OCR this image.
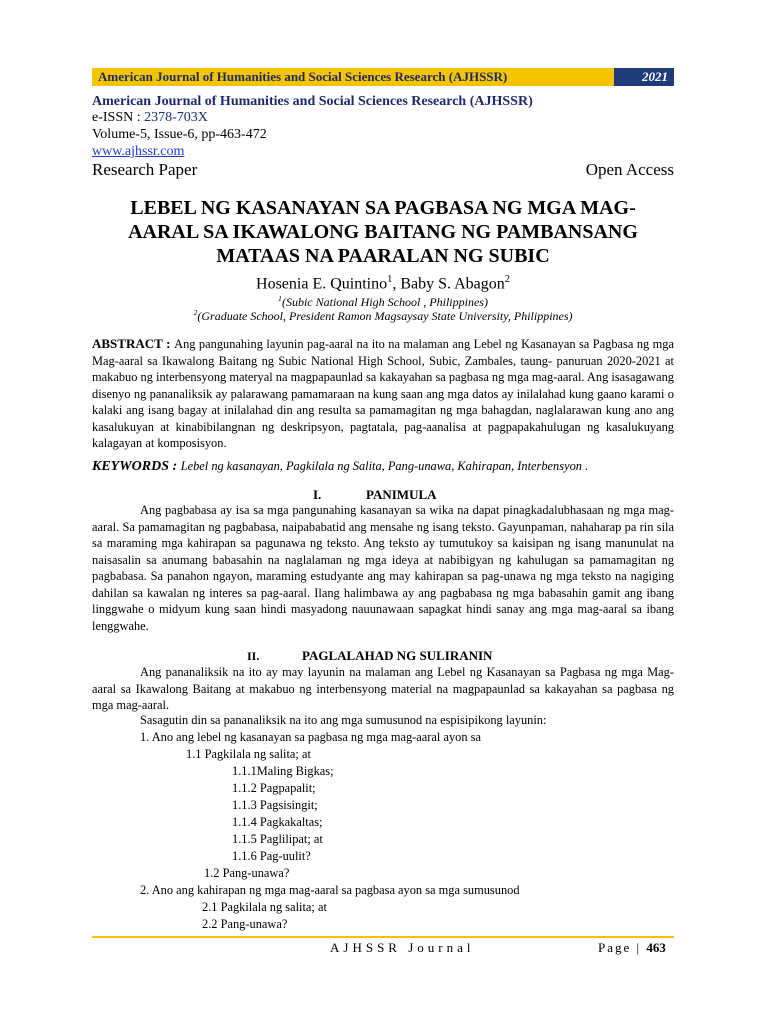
American Journal of Humanities and Social Sciences Research (AJHSSR)	2021
American Journal of Humanities and Social Sciences Research (AJHSSR)
e-ISSN : 2378-703X
Volume-5, Issue-6, pp-463-472
www.ajhssr.com
Research Paper	Open Access
LEBEL NG KASANAYAN SA PAGBASA NG MGA MAG-
AARAL SA IKAWALONG BAITANG NG PAMBANSANG
MATAAS NA PAARALAN NG SUBIC
Hosenia E. Quintino$^1$, Baby S. Abagon$^2$
$^1$(Subic National High School , Philippines)
$^2$(Graduate School, President Ramon Magsaysay State University, Philippines)
ABSTRACT : Ang pangunahing layunin pag-aaral na ito na malaman ang Lebel ng Kasanayan sa Pagbasa ng mga Mag-aaral sa Ikawalong Baitang ng Subic National High School, Subic, Zambales, taung- panuruan 2020-2021 at makabuo ng interbensyong materyal na magpapaunlad sa kakayahan sa pagbasa ng mga mag-aaral. Ang isasagawang disenyo ng pananaliksik ay palarawang pamamaraan na kung saan ang mga datos ay inilalahad kung gaano karami o kalaki ang isang bagay at inilalahad din ang resulta sa pamamagitan ng mga bahagdan, naglalarawan kung ano ang kasalukuyan at kinabibilangnan ng deskripsyon, pagtatala, pag-aanalisa at pagpapakahulugan ng kasalukuyang kalagayan at komposisyon.
KEYWORDS : Lebel ng kasanayan, Pagkilala ng Salita, Pang-unawa, Kahirapan, Interbensyon .
I.	PANIMULA
Ang pagbabasa ay isa sa mga pangunahing kasanayan sa wika na dapat pinagkadalubhasaan ng mga mag-aaral. Sa pamamagitan ng pagbabasa, naipababatid ang mensahe ng isang teksto. Gayunpaman, nahaharap pa rin sila sa maraming mga kahirapan sa pagunawa ng teksto. Ang teksto ay tumutukoy sa kaisipan ng isang manunulat na naisasalin sa anumang babasahin na naglalaman ng mga ideya at nabibigyan ng kahulugan sa pamamagitan ng pagbabasa. Sa panahon ngayon, maraming estudyante ang may kahirapan sa pag-unawa ng mga teksto na nagiging dahilan sa kawalan ng interes sa pag-aaral. Ilang halimbawa ay ang pagbabasa ng mga babasahin gamit ang ibang linggwahe o midyum kung saan hindi masyadong nauunawaan sapagkat hindi sanay ang mga mag-aaral sa ibang lenggwahe.
II.	PAGLALAHAD NG SULIRANIN
Ang pananaliksik na ito ay may layunin na malaman ang Lebel ng Kasanayan sa Pagbasa ng mga Mag-aaral sa Ikawalong Baitang at makabuo ng interbensyong material na magpapaunlad sa kakayahan sa pagbasa ng mga mag-aaral.
Sasagutin din sa pananaliksik na ito ang mga sumusunod na espisipikong layunin:
1. Ano ang lebel ng kasanayan sa pagbasa ng mga mag-aaral ayon sa
1.1 Pagkilala ng salita; at
1.1.1Maling Bigkas;
1.1.2 Pagpapalit;
1.1.3 Pagsisingit;
1.1.4 Pagkakaltas;
1.1.5 Paglilipat; at
1.1.6 Pag-uulit?
1.2 Pang-unawa?
2. Ano ang kahirapan ng mga mag-aaral sa pagbasa ayon sa mga sumusunod
2.1 Pagkilala ng salita; at
2.2 Pang-unawa?
AJHSSR Journal	Page | 463
